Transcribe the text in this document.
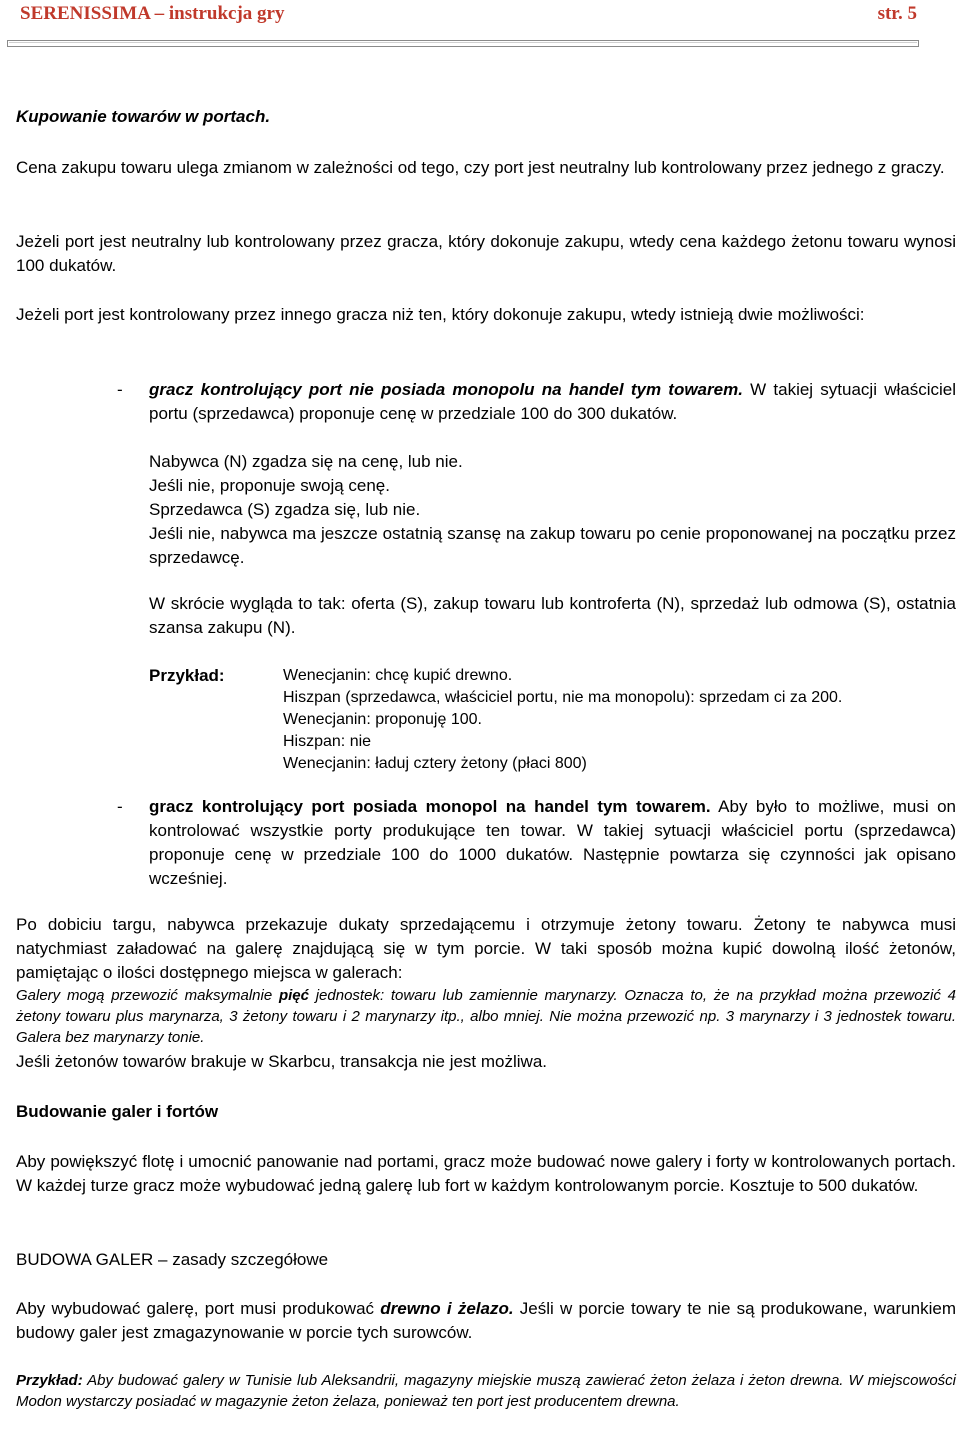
SERENISSIMA – instrukcja gry	str. 5
Kupowanie towarów w portach.
Cena zakupu towaru ulega zmianom w zależności od tego, czy port jest neutralny lub kontrolowany przez jednego z graczy.
Jeżeli port jest neutralny lub kontrolowany przez gracza, który dokonuje zakupu, wtedy cena każdego żetonu towaru wynosi 100 dukatów.
Jeżeli port jest kontrolowany przez innego gracza niż ten, który dokonuje zakupu, wtedy istnieją dwie możliwości:
- gracz kontrolujący port nie posiada monopolu na handel tym towarem. W takiej sytuacji właściciel portu (sprzedawca) proponuje cenę w przedziale 100 do 300 dukatów.
Nabywca (N) zgadza się na cenę, lub nie.
Jeśli nie, proponuje swoją cenę.
Sprzedawca (S) zgadza się, lub nie.
Jeśli nie, nabywca ma jeszcze ostatnią szansę na zakup towaru po cenie proponowanej na początku przez sprzedawcę.
W skrócie wygląda to tak: oferta (S), zakup towaru lub kontroferta (N), sprzedaż lub odmowa (S), ostatnia szansa zakupu (N).
Przykład:	Wenecjanin: chcę kupić drewno.
Hiszpan (sprzedawca, właściciel portu, nie ma monopolu): sprzedam ci za 200.
Wenecjanin: proponuję 100.
Hiszpan: nie
Wenecjanin: ładuj cztery żetony (płaci 800)
- gracz kontrolujący port posiada monopol na handel tym towarem. Aby było to możliwe, musi on kontrolować wszystkie porty produkujące ten towar. W takiej sytuacji właściciel portu (sprzedawca) proponuje cenę w przedziale 100 do 1000 dukatów. Następnie powtarza się czynności jak opisano wcześniej.
Po dobiciu targu, nabywca przekazuje dukaty sprzedającemu i otrzymuje żetony towaru. Żetony te nabywca musi natychmiast załadować na galerę znajdującą się w tym porcie. W taki sposób można kupić dowolną ilość żetonów, pamiętając o ilości dostępnego miejsca w galerach:
Galery mogą przewozić maksymalnie pięć jednostek: towaru lub zamiennie marynarzy. Oznacza to, że na przykład można przewozić 4 żetony towaru plus marynarza, 3 żetony towaru i 2 marynarzy itp., albo mniej. Nie można przewozić np. 3 marynarzy i 3 jednostek towaru. Galera bez marynarzy tonie.
Jeśli żetonów towarów brakuje w Skarbcu, transakcja nie jest możliwa.
Budowanie galer i fortów
Aby powiększyć flotę i umocnić panowanie nad portami, gracz może budować nowe galery i forty w kontrolowanych portach. W każdej turze gracz może wybudować jedną galerę lub fort w każdym kontrolowanym porcie. Kosztuje to 500 dukatów.
BUDOWA GALER – zasady szczegółowe
Aby wybudować galerę, port musi produkować drewno i żelazo. Jeśli w porcie towary te nie są produkowane, warunkiem budowy galer jest zmagazynowanie w porcie tych surowców.
Przykład: Aby budować galery w Tunisie lub Aleksandrii, magazyny miejskie muszą zawierać żeton żelaza i żeton drewna. W miejscowości Modon wystarczy posiadać w magazynie żeton żelaza, ponieważ ten port jest producentem drewna.
